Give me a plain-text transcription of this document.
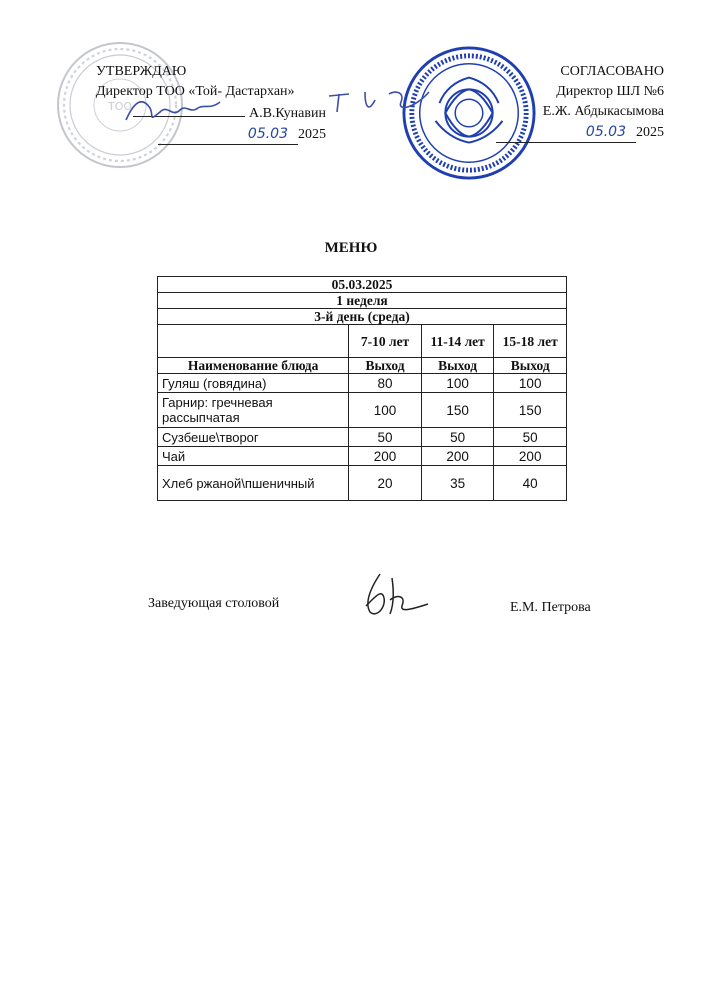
ТОО
УТВЕРЖДАЮ
Директор ТОО «Той- Дастархан»
А.В.Кунавин
05.03 2025
СОГЛАСОВАНО
Директор ШЛ №6
Е.Ж. Абдыкасымова
05.03 2025
МЕНЮ
05.03.2025			
1 неделя			
3-й день (среда)			
	7-10 лет	11-14 лет	15-18 лет
Наименование блюда	Выход	Выход	Выход
Гуляш (говядина)	80	100	100
Гарнир: гречневая рассыпчатая	100	150	150
Сузбеше\творог	50	50	50
Чай	200	200	200
Хлеб ржаной\пшеничный	20	35	40
Заведующая столовой	Е.М. Петрова
